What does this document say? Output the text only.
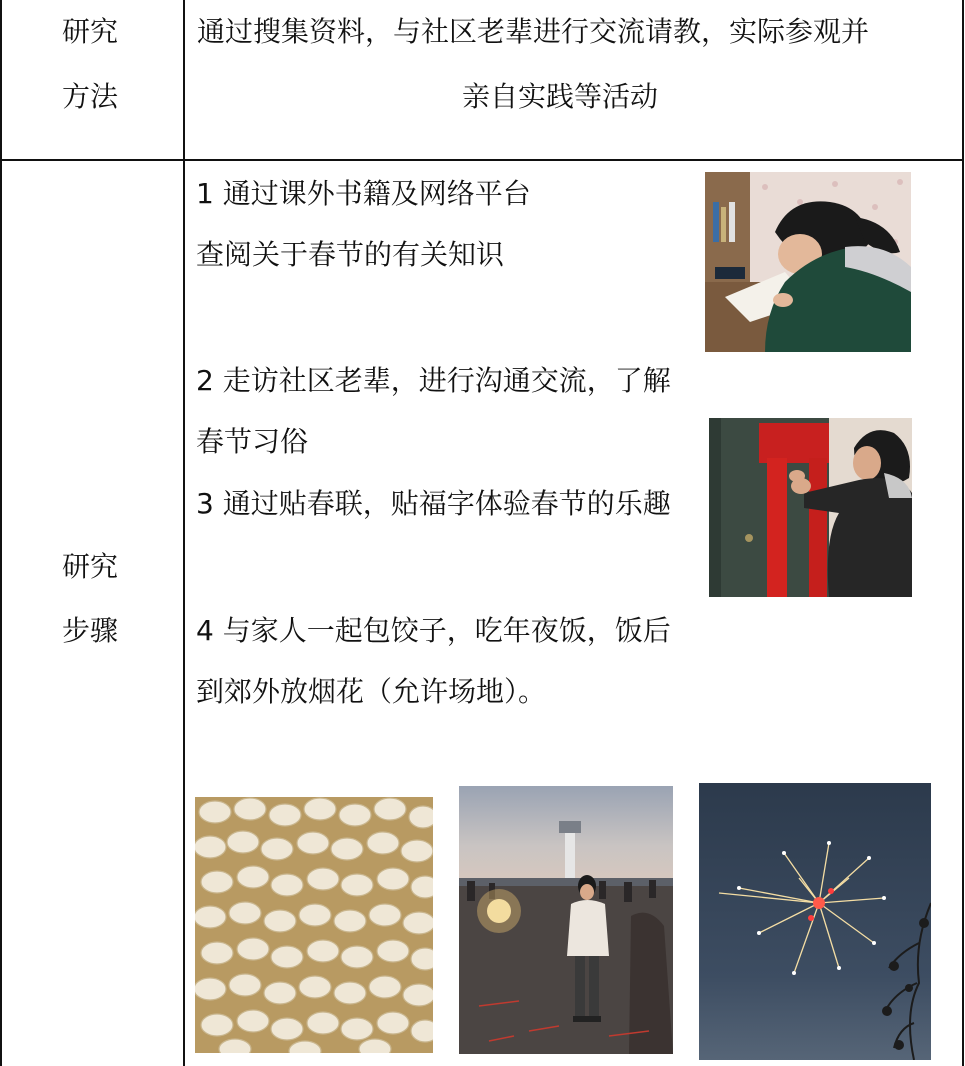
研究
方法
通过搜集资料，与社区老辈进行交流请教，实际参观并
亲自实践等活动
研究
步骤
1 通过课外书籍及网络平台
查阅关于春节的有关知识
2 走访社区老辈，进行沟通交流，了解
春节习俗
3 通过贴春联，贴福字体验春节的乐趣
4 与家人一起包饺子，吃年夜饭，饭后
到郊外放烟花（允许场地）。
